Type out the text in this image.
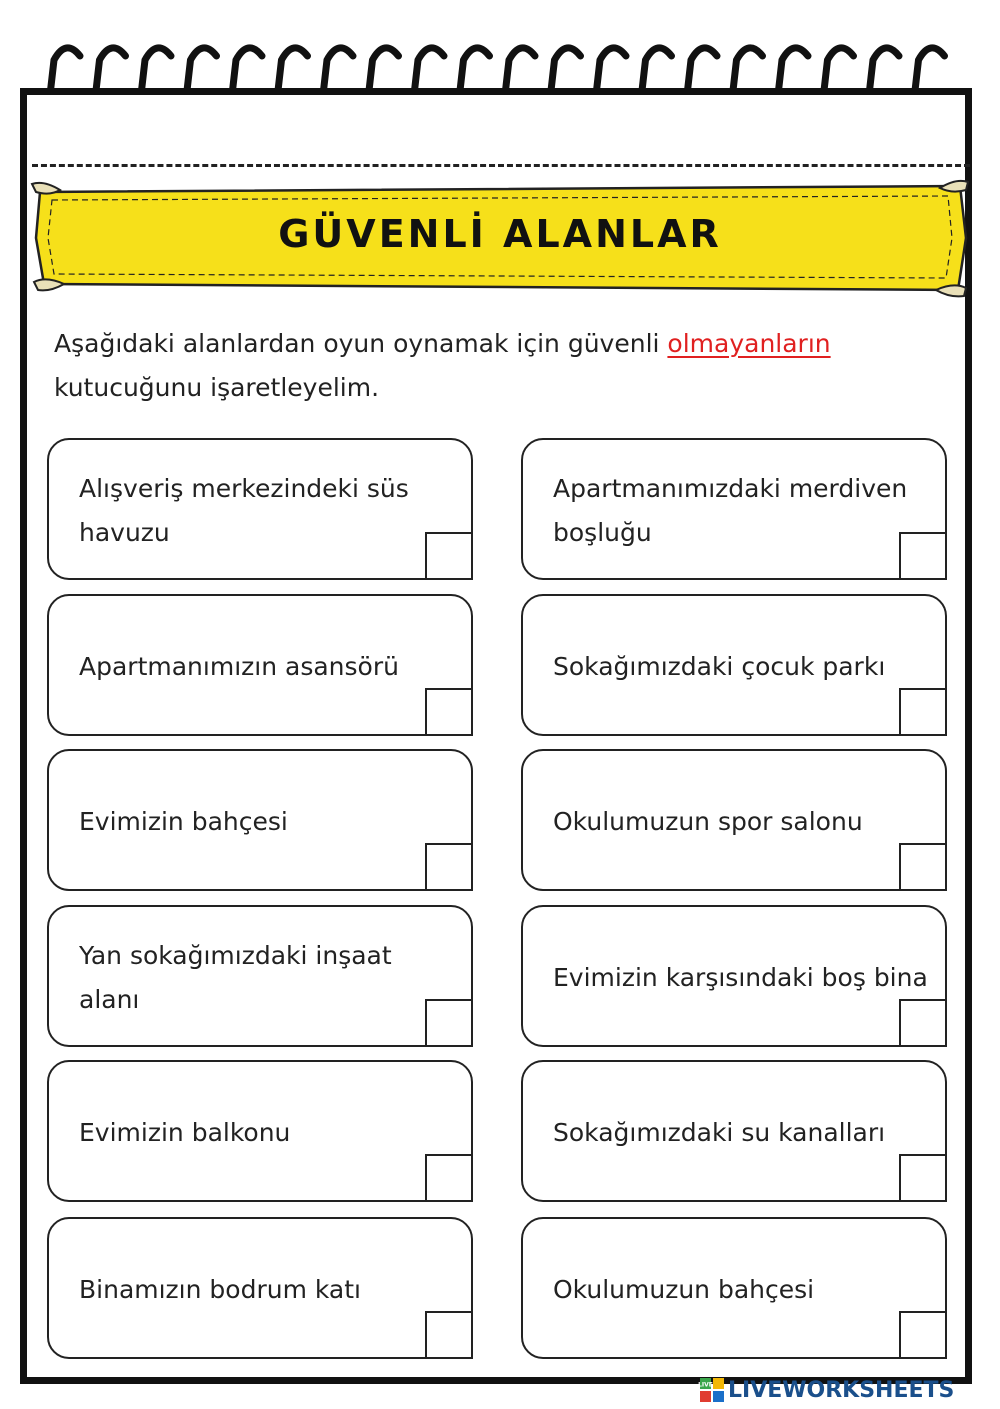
GÜVENLİ ALANLAR
Aşağıdaki alanlardan oyun oynamak için güvenli olmayanların
kutucuğunu işaretleyelim.
Alışveriş merkezindeki süs havuzu
Apartmanımızdaki merdiven boşluğu
Apartmanımızın asansörü	Sokağımızdaki çocuk parkı
Evimizin bahçesi	Okulumuzun spor salonu
Yan sokağımızdaki inşaat alanı
Evimizin karşısındaki boş bina
Evimizin balkonu	Sokağımızdaki su kanalları
Binamızın bodrum katı	Okulumuzun bahçesi
LIVE LIVEWORKSHEETS
